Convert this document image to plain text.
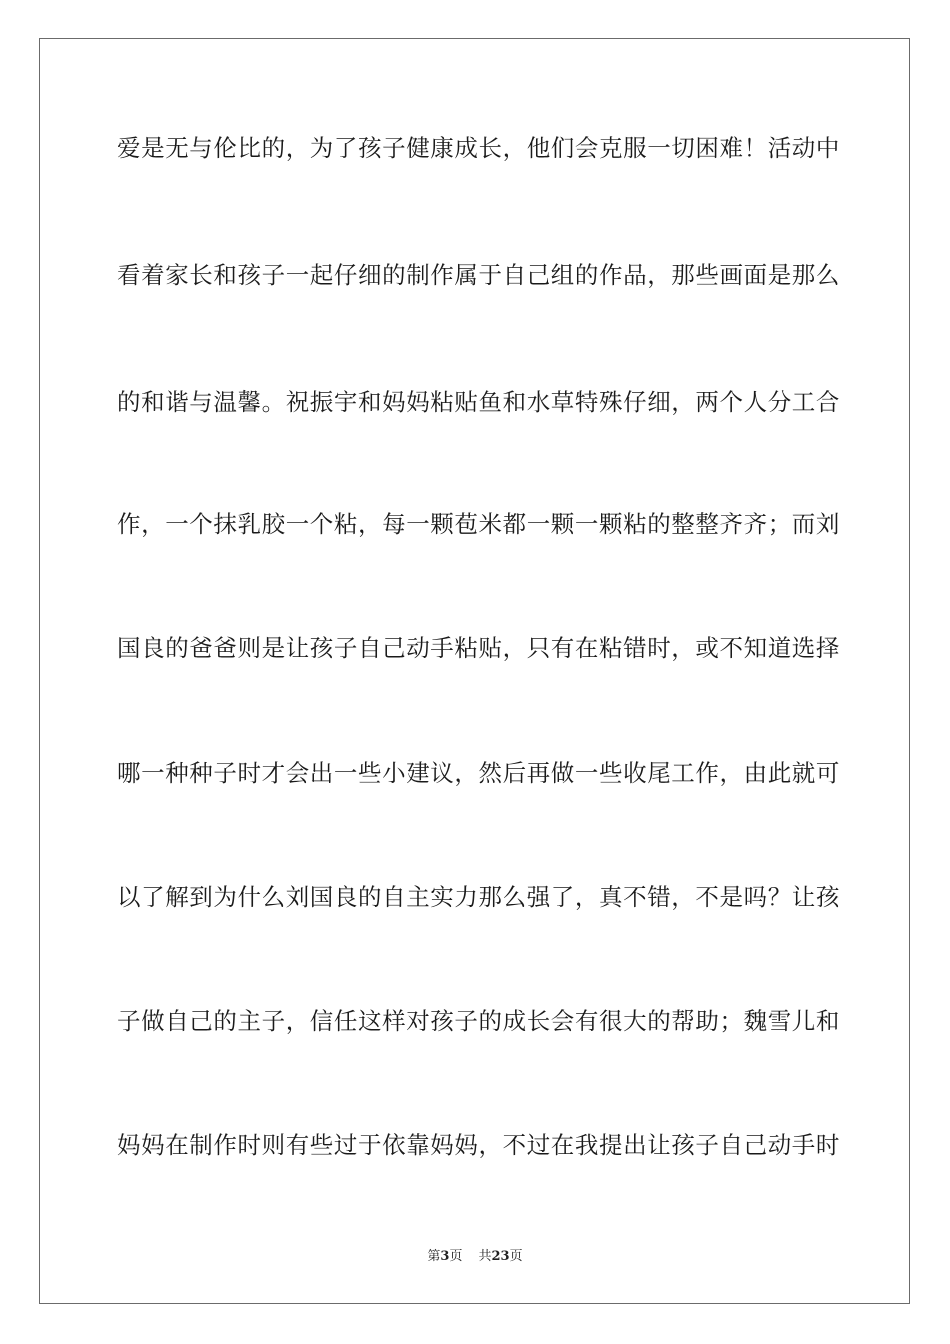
爱是无与伦比的，为了孩子健康成长，他们会克服一切困难！活动中
看着家长和孩子一起仔细的制作属于自己组的作品，那些画面是那么
的和谐与温馨。祝振宇和妈妈粘贴鱼和水草特殊仔细，两个人分工合
作，一个抹乳胶一个粘，每一颗苞米都一颗一颗粘的整整齐齐；而刘
国良的爸爸则是让孩子自己动手粘贴，只有在粘错时，或不知道选择
哪一种种子时才会出一些小建议，然后再做一些收尾工作，由此就可
以了解到为什么刘国良的自主实力那么强了，真不错，不是吗？让孩
子做自己的主子，信任这样对孩子的成长会有很大的帮助；魏雪儿和
妈妈在制作时则有些过于依靠妈妈，不过在我提出让孩子自己动手时
第3页 共23页
